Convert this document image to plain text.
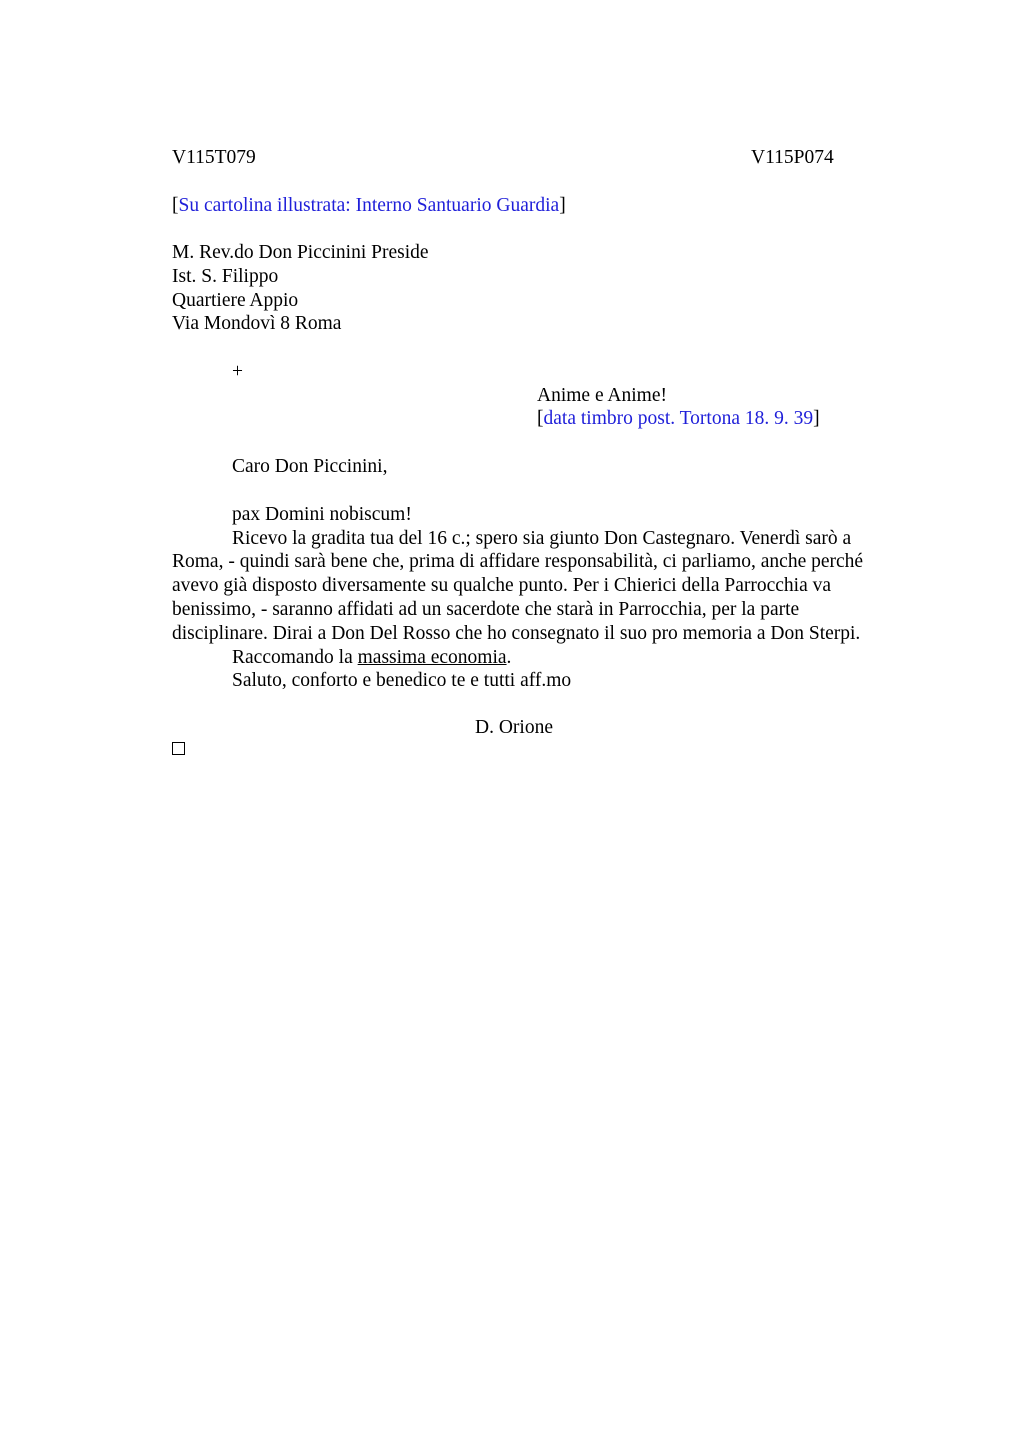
V115T079	V115P074
[Su cartolina illustrata: Interno Santuario Guardia]
M. Rev.do Don Piccinini Preside
Ist. S. Filippo
Quartiere Appio
Via Mondovì 8 Roma
+
Anime e Anime!
[data timbro post. Tortona 18. 9. 39]
Caro Don Piccinini,
pax Domini nobiscum!
Ricevo la gradita tua del 16 c.; spero sia giunto Don Castegnaro. Venerdì sarò a
Roma, - quindi sarà bene che, prima di affidare responsabilità, ci parliamo, anche perché
avevo già disposto diversamente su qualche punto. Per i Chierici della Parrocchia va
benissimo, - saranno affidati ad un sacerdote che starà in Parrocchia, per la parte
disciplinare. Dirai a Don Del Rosso che ho consegnato il suo pro memoria a Don Sterpi.
Raccomando la massima economia.
Saluto, conforto e benedico te e tutti aff.mo
D. Orione
